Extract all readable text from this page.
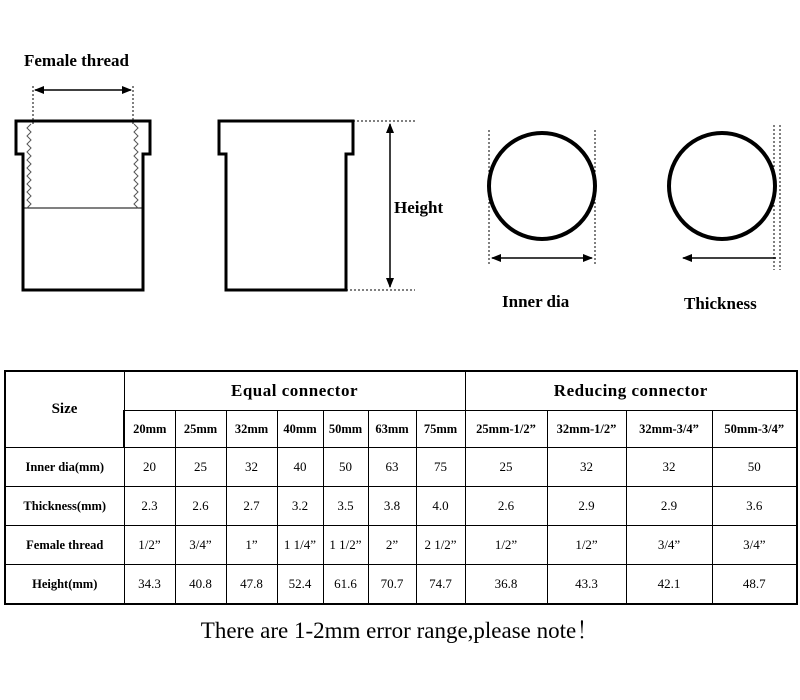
Female thread
Height
Inner dia	Thickness
Size	Equal connector							Reducing connector			
	20mm	25mm	32mm	40mm	50mm	63mm	75mm	25mm-1/2”	32mm-1/2”	32mm-3/4”	50mm-3/4”
Inner dia(mm)	20	25	32	40	50	63	75	25	32	32	50
Thickness(mm)	2.3	2.6	2.7	3.2	3.5	3.8	4.0	2.6	2.9	2.9	3.6
Female thread	1/2”	3/4”	1”	1 1/4”	1 1/2”	2”	2 1/2”	1/2”	1/2”	3/4”	3/4”
Height(mm)	34.3	40.8	47.8	52.4	61.6	70.7	74.7	36.8	43.3	42.1	48.7
There are 1-2mm error range,please note！
